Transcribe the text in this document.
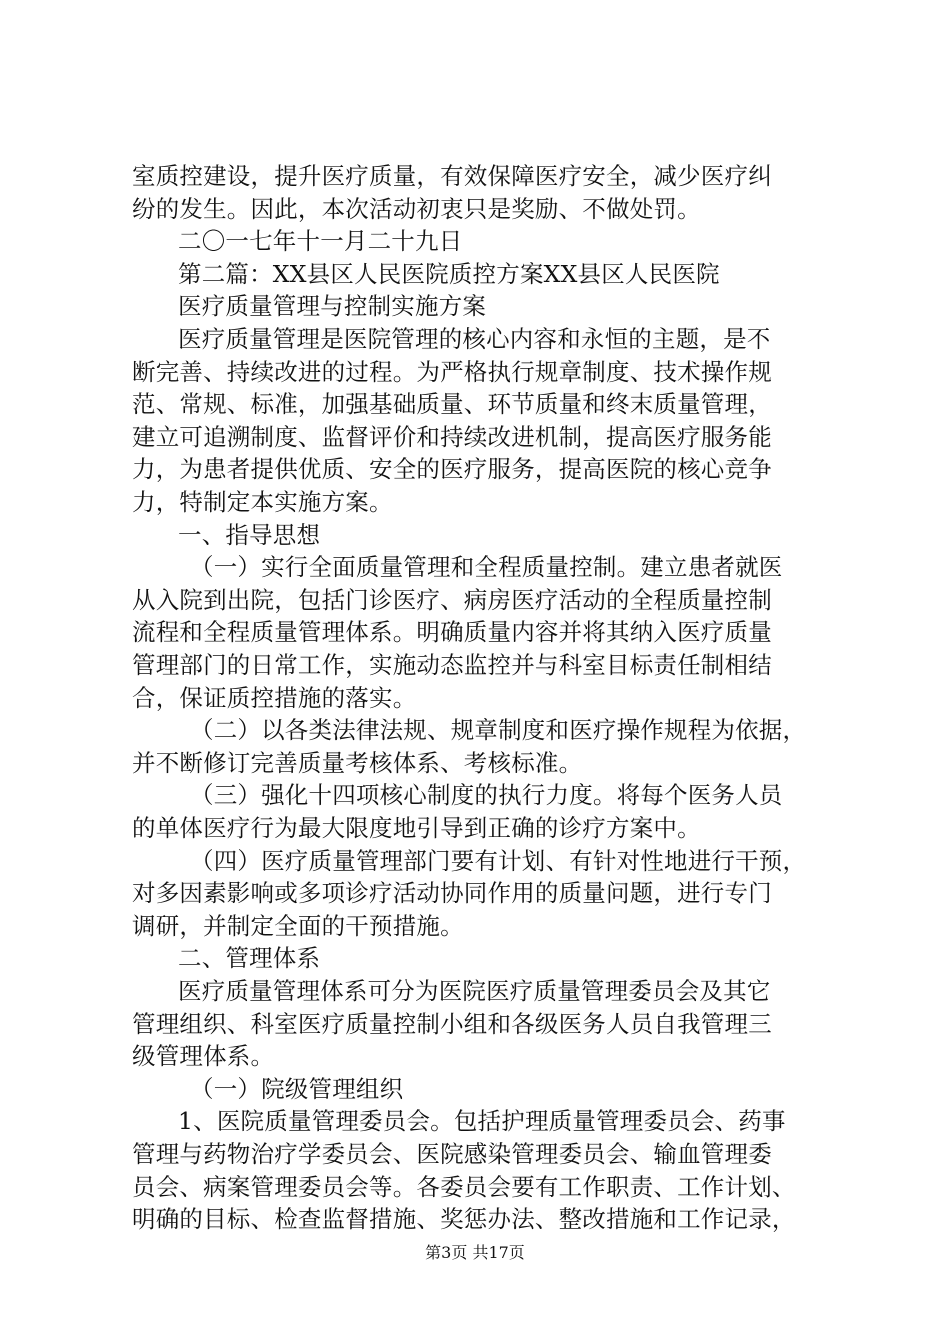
室质控建设，提升医疗质量，有效保障医疗安全，减少医疗纠
纷的发生。因此，本次活动初衷只是奖励、不做处罚。
二〇一七年十一月二十九日
第二篇：XX县区人民医院质控方案XX县区人民医院
医疗质量管理与控制实施方案
医疗质量管理是医院管理的核心内容和永恒的主题，是不
断完善、持续改进的过程。为严格执行规章制度、技术操作规
范、常规、标准，加强基础质量、环节质量和终末质量管理，
建立可追溯制度、监督评价和持续改进机制，提高医疗服务能
力，为患者提供优质、安全的医疗服务，提高医院的核心竞争
力，特制定本实施方案。
一、指导思想
（一）实行全面质量管理和全程质量控制。建立患者就医
从入院到出院，包括门诊医疗、病房医疗活动的全程质量控制
流程和全程质量管理体系。明确质量内容并将其纳入医疗质量
管理部门的日常工作，实施动态监控并与科室目标责任制相结
合，保证质控措施的落实。
（二）以各类法律法规、规章制度和医疗操作规程为依据，
并不断修订完善质量考核体系、考核标准。
（三）强化十四项核心制度的执行力度。将每个医务人员
的单体医疗行为最大限度地引导到正确的诊疗方案中。
（四）医疗质量管理部门要有计划、有针对性地进行干预，
对多因素影响或多项诊疗活动协同作用的质量问题，进行专门
调研，并制定全面的干预措施。
二、管理体系
医疗质量管理体系可分为医院医疗质量管理委员会及其它
管理组织、科室医疗质量控制小组和各级医务人员自我管理三
级管理体系。
（一）院级管理组织
1、医院质量管理委员会。包括护理质量管理委员会、药事
管理与药物治疗学委员会、医院感染管理委员会、输血管理委
员会、病案管理委员会等。各委员会要有工作职责、工作计划、
明确的目标、检查监督措施、奖惩办法、整改措施和工作记录，
第3页 共17页
